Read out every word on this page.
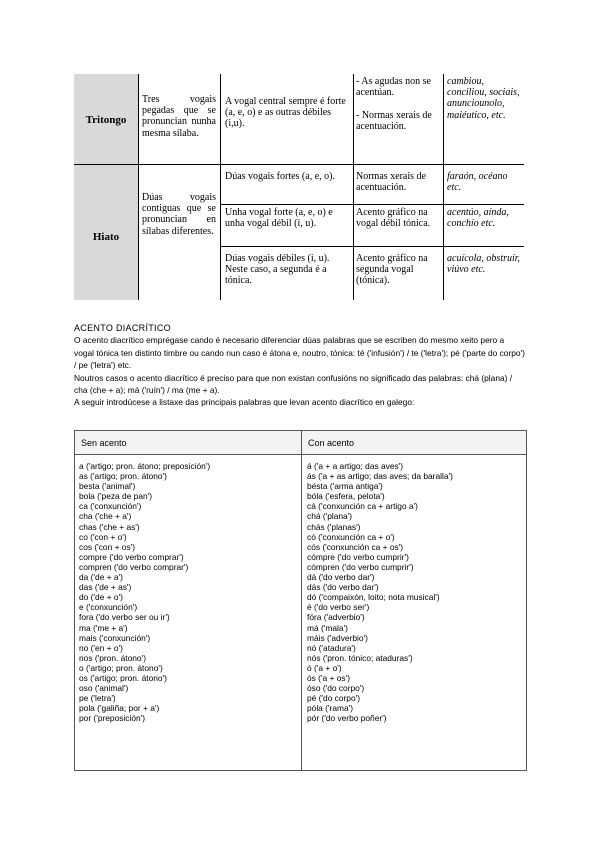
Tritongo
Hiato
Tres vogais pegadas que se pronuncian nunha mesma sílaba.
A vogal central sempre é forte (a, e, o) e as outras débiles (i,u).
- As agudas non se acentúan.
- Normas xerais de acentuación.
cambiou, conciliou, sociais, anunciounolo, maiéutico, etc.
Dúas vogais contiguas que se pronuncian en sílabas diferentes.
Dúas vogais fortes (a, e, o).	Normas xerais de acentuación.
faraón, océano etc.
Unha vogal forte (a, e, o) e unha vogal débil (i, u).
Acento gráfico na vogal débil tónica.
acentúo, aínda, conchío etc.
Dúas vogais débiles (i, u). Neste caso, a segunda é a tónica.
Acento gráfico na segunda vogal (tónica).
acuícola, obstruír, viúvo etc.

ACENTO DIACRÍTICO

O acento diacrítico emprégase cando é necesario diferenciar dúas palabras que se escriben do mesmo xeito pero a vogal tónica ten distinto timbre ou cando nun caso é átona e, noutro, tónica: té ('infusión') / te ('letra'); pé ('parte do corpo') / pe ('letra') etc.

Noutros casos o acento diacrítico é preciso para que non existan confusións no significado das palabras: chá (plana) / cha (che + a); má ('ruín') / ma (me + a).

A seguir introdúcese a listaxe das principais palabras que levan acento diacrítico en galego:

Sen acento	Con acento
a ('artigo; pron. átono; preposición')
as ('artigo; pron. átono')
besta ('animal')
bola ('peza de pan')
ca ('conxunción')
cha ('che + a')
chas ('che + as')
co ('con + o')
cos ('con + os')
compre ('do verbo comprar')
compren ('do verbo comprar')
da ('de + a')
das ('de + as')
do ('de + o')
e ('conxunción')
fora ('do verbo ser ou ir')
ma ('me + a')
mais ('conxunción')
no ('en + o')
nos ('pron. átono')
o ('artigo; pron. átono')
os ('artigo; pron. átono')
oso ('animal')
pe ('letra')
pola ('galiña; por + a')
por ('preposición')
á ('a + a artigo; das aves')
ás ('a + as artigo; das aves; da baralla')
bésta ('arma antiga')
bóla ('esfera, pelota')
cá ('conxunción ca + artigo a')
chá ('plana')
chás ('planas')
có ('conxunción ca + o')
cós ('conxunción ca + os')
cómpre ('do verbo cumprir')
cómpren ('do verbo cumprir')
dá ('do verbo dar')
dás ('do verbo dar')
dó ('compaixón, loito; nota musical')
é ('do verbo ser')
fóra ('adverbio')
má ('mala')
máis ('adverbio')
nó ('atadura')
nós ('pron. tónico; ataduras')
ó ('a + o')
ós ('a + os')
óso ('do corpo')
pé ('do corpo')
póla ('rama')
pór ('do verbo poñer')
